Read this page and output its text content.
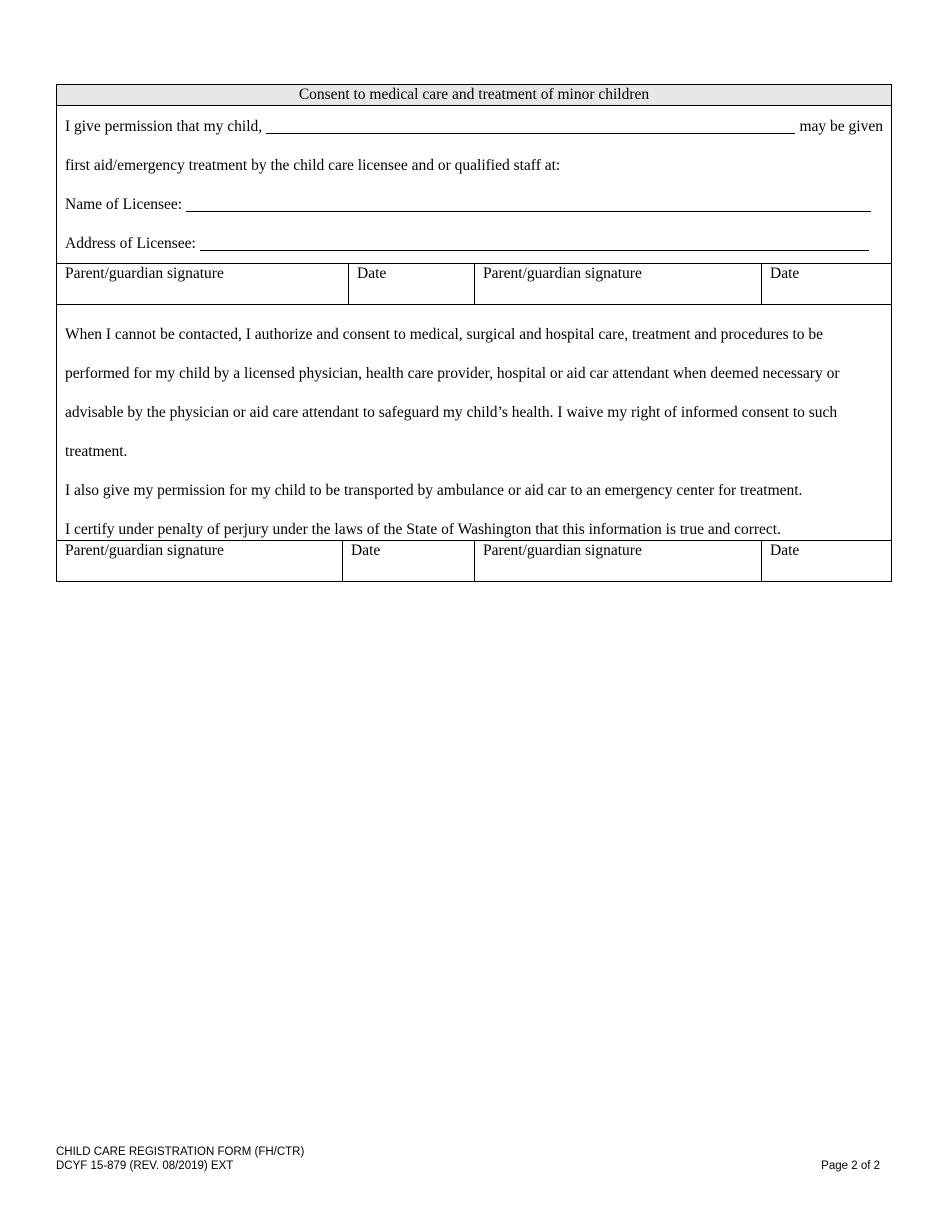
Consent to medical care and treatment of minor children
I give permission that my child,	may be given
first aid/emergency treatment by the child care licensee and or qualified staff at:
Name of Licensee:
Address of Licensee:
Parent/guardian signature	Date	Parent/guardian signature	Date

When I cannot be contacted, I authorize and consent to medical, surgical and hospital care, treatment and procedures to be performed for my child by a licensed physician, health care provider, hospital or aid car attendant when deemed necessary or advisable by the physician or aid care attendant to safeguard my child’s health. I waive my right of informed consent to such treatment.

I also give my permission for my child to be transported by ambulance or aid car to an emergency center for treatment.

I certify under penalty of perjury under the laws of the State of Washington that this information is true and correct.

Parent/guardian signature	Date	Parent/guardian signature	Date
CHILD CARE REGISTRATION FORM (FH/CTR)
DCYF 15-879 (REV. 08/2019) EXT	Page 2 of 2
